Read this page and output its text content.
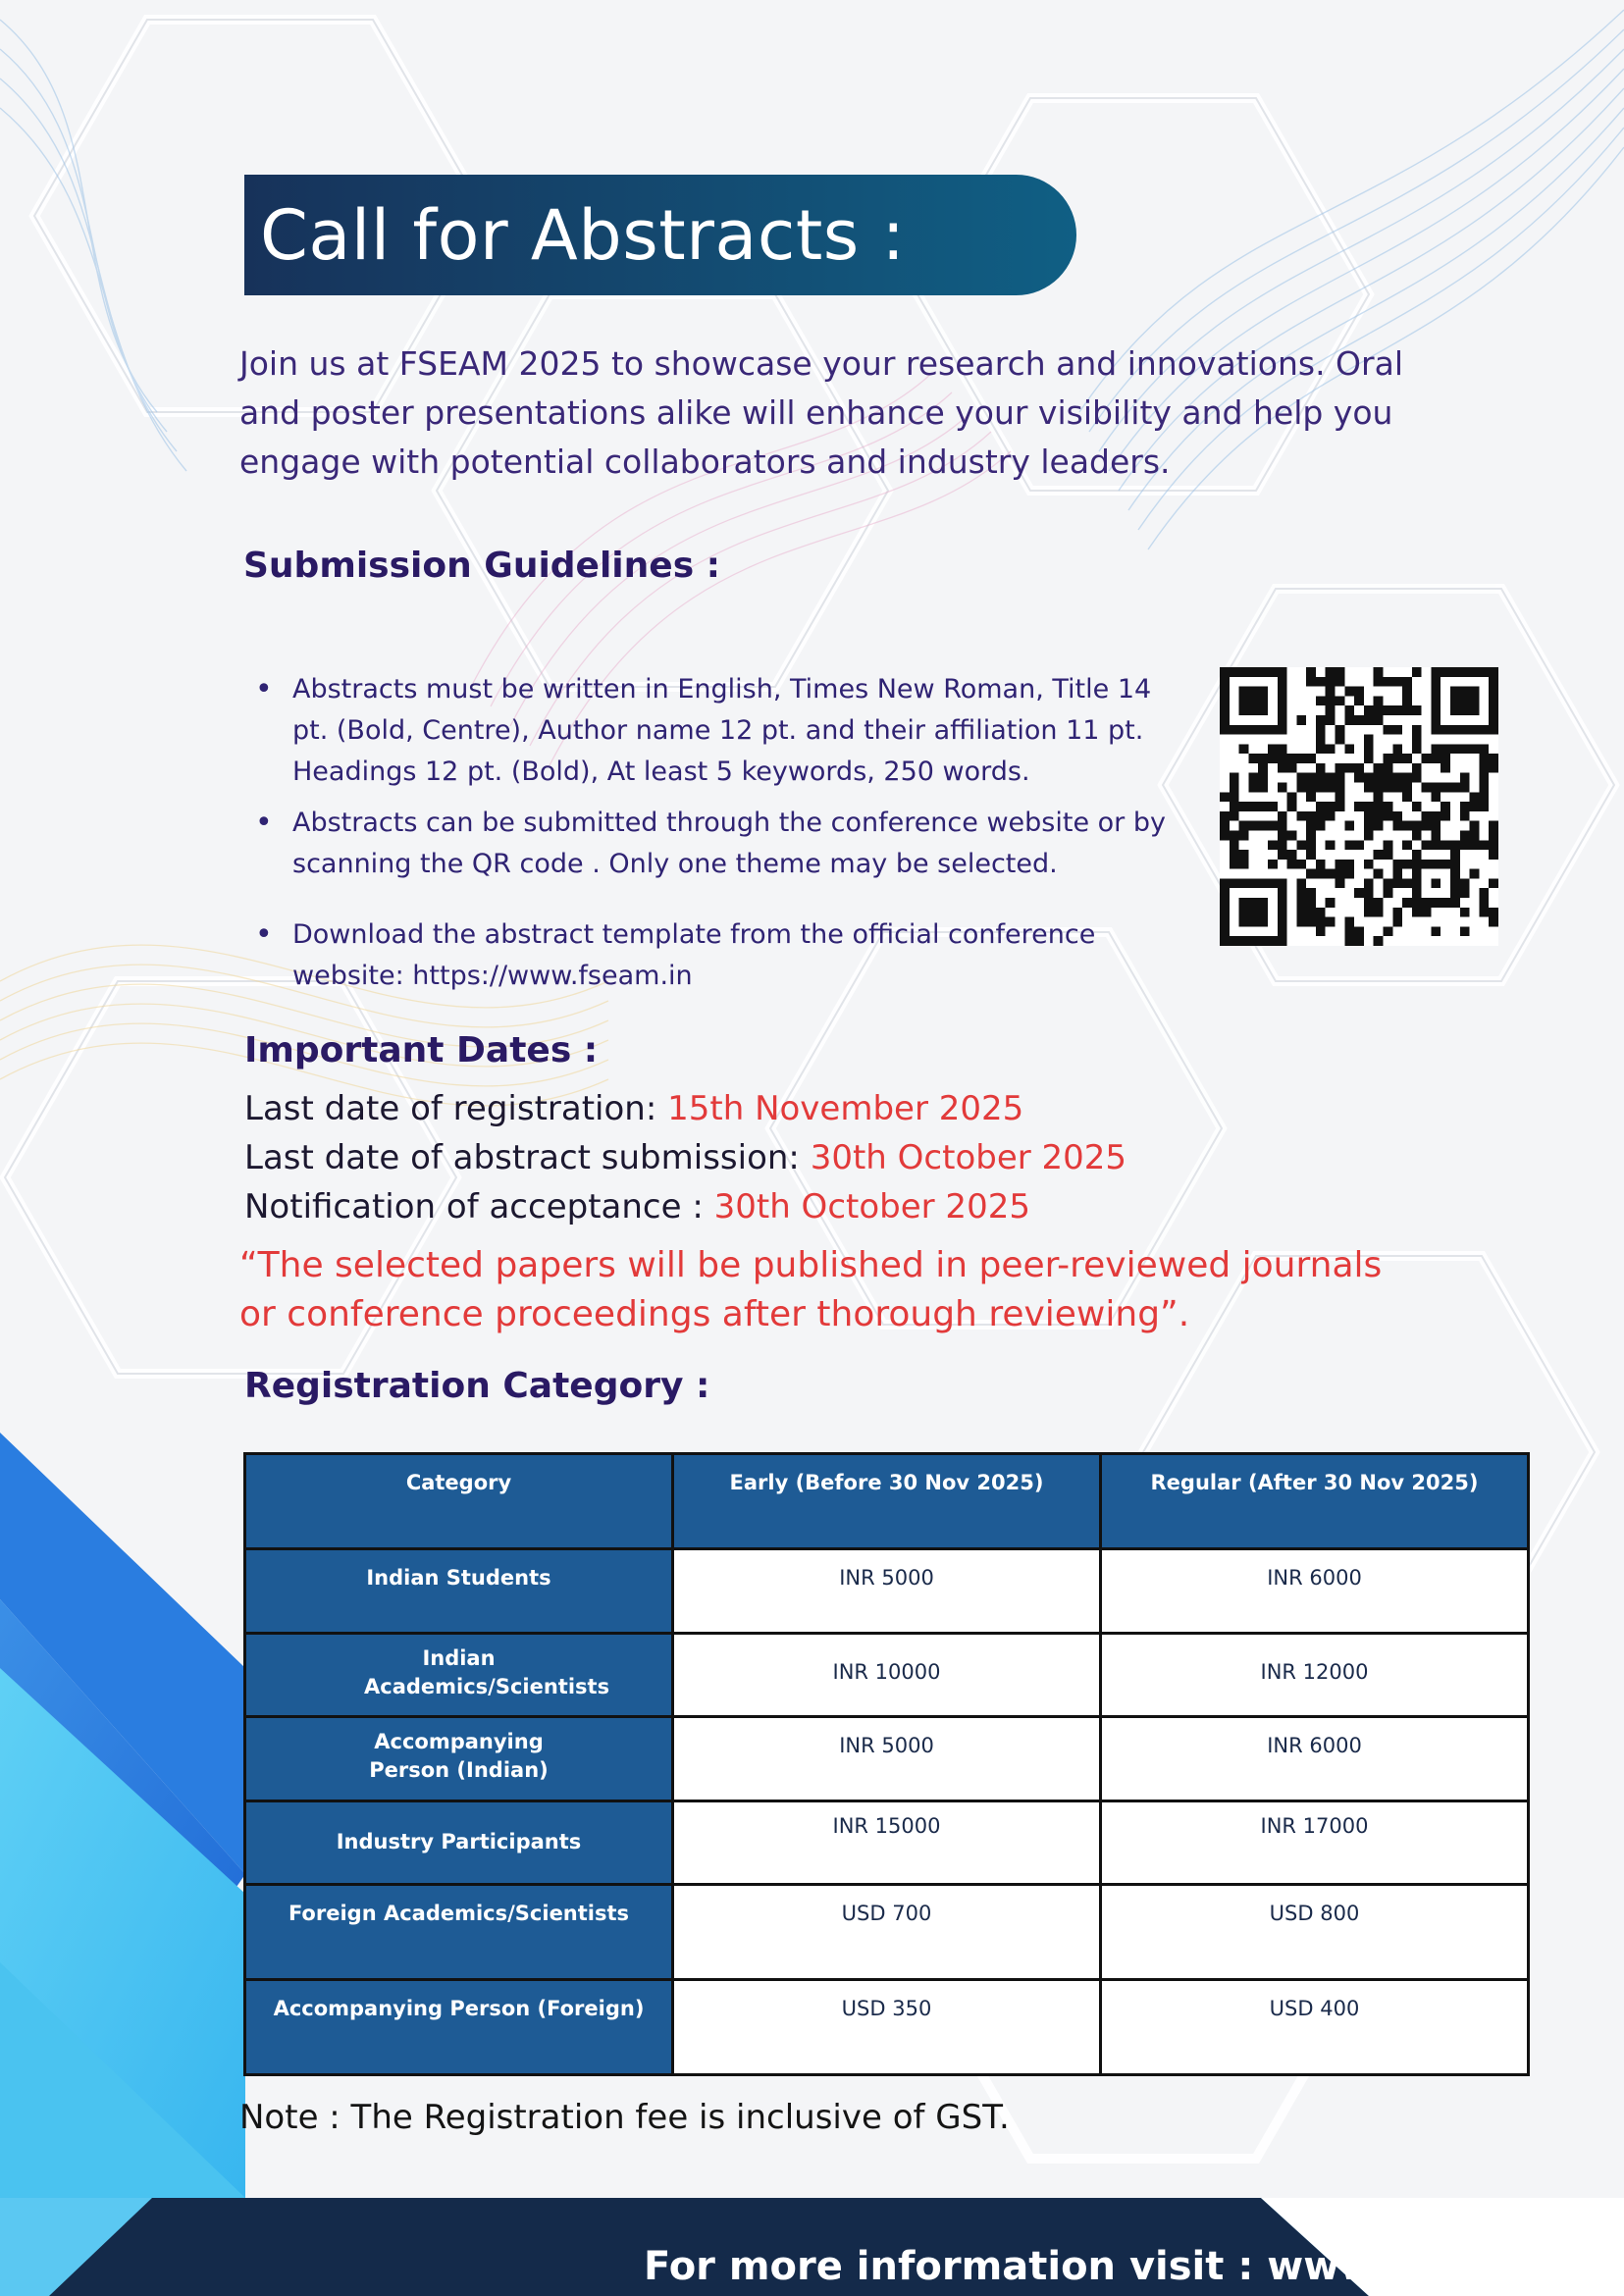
Call for Abstracts :

Join us at FSEAM 2025 to showcase your research and innovations. Oral and poster presentations alike will enhance your visibility and help you engage with potential collaborators and industry leaders.

Submission Guidelines :
• Abstracts must be written in English, Times New Roman, Title 14 pt. (Bold, Centre), Author name 12 pt. and their affiliation 11 pt. Headings 12 pt. (Bold), At least 5 keywords, 250 words.
• Abstracts can be submitted through the conference website or by scanning the QR code . Only one theme may be selected.
• Download the abstract template from the official conference website: https://www.fseam.in
Important Dates :
Last date of registration: 15th November 2025
Last date of abstract submission: 30th October 2025
Notification of acceptance : 30th October 2025

“The selected papers will be published in peer-reviewed journals or conference proceedings after thorough reviewing”.

Registration Category :
Category	Early (Before 30 Nov 2025)	Regular (After 30 Nov 2025)
Indian Students	INR 5000	INR 6000
Indian Academics/Scientists	INR 10000	INR 12000
Accompanying Person (Indian)	INR 5000	INR 6000
Industry Participants	INR 15000	INR 17000
Foreign Academics/Scientists	USD 700	USD 800
Accompanying Person (Foreign)	USD 350	USD 400

Note : The Registration fee is inclusive of GST.

For more information visit : www.fseam.in
